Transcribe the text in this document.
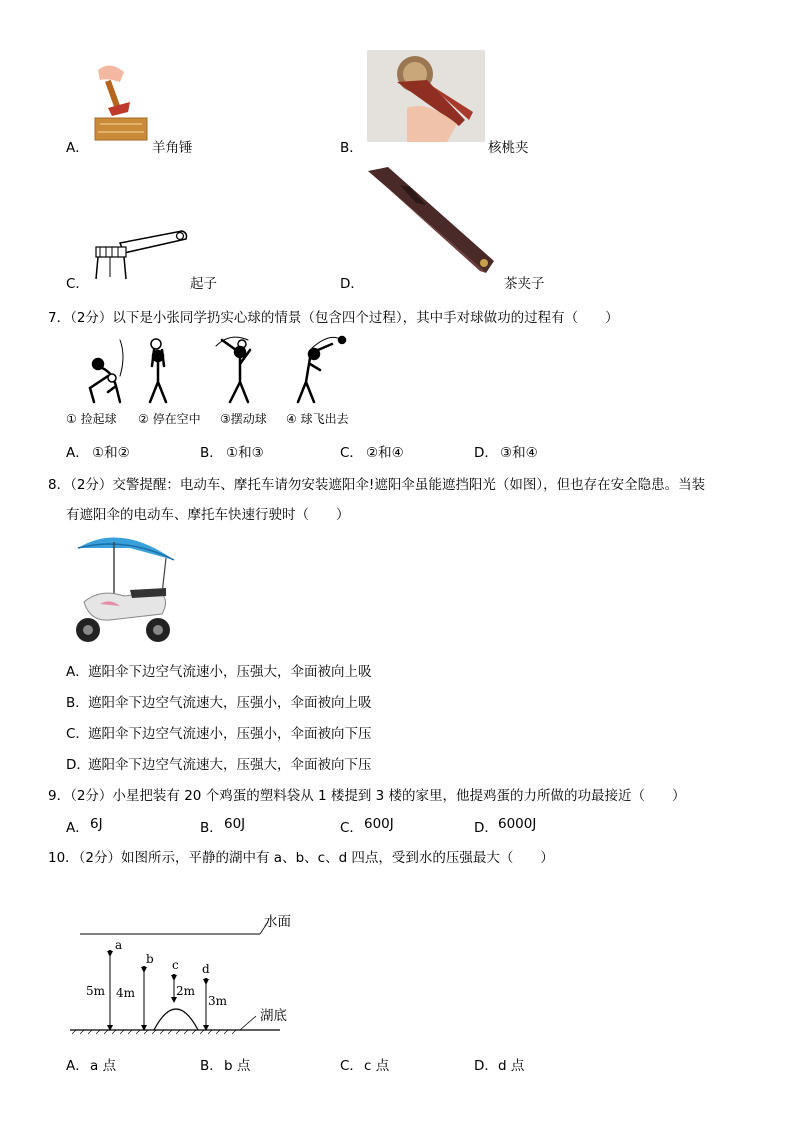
A．	羊角锤	B．	核桃夹
C．	起子	D．	茶夹子
7．（2分）以下是小张同学扔实心球的情景（包含四个过程），其中手对球做功的过程有（　　）
① 捡起球 ② 停在空中 ③摆动球 ④ 球飞出去
A． ①和②	B． ①和③	C． ②和④	D． ③和④
8．（2分）交警提醒：电动车、摩托车请勿安装遮阳伞!遮阳伞虽能遮挡阳光（如图），但也存在安全隐患。当装
有遮阳伞的电动车、摩托车快速行驶时（　　）
A． 遮阳伞下边空气流速小，压强大，伞面被向上吸
B． 遮阳伞下边空气流速大，压强小，伞面被向上吸
C． 遮阳伞下边空气流速小，压强小，伞面被向下压
D．
遮阳伞下边空气流速大，压强大，伞面被向下压
9．（2分）小星把装有 20 个鸡蛋的塑料袋从 1 楼提到 3 楼的家里，他提鸡蛋的力所做的功最接近（　　）
A． 6J	B． 60J	C． 600J	D． 6000J
10．（2分）如图所示，平静的湖中有 a、b、c、d 四点，受到水的压强最大（　　）
水面
湖底
a
b c d
5m 4m	2m
3m
A． a 点	B． b 点	C． c 点	D． d 点
